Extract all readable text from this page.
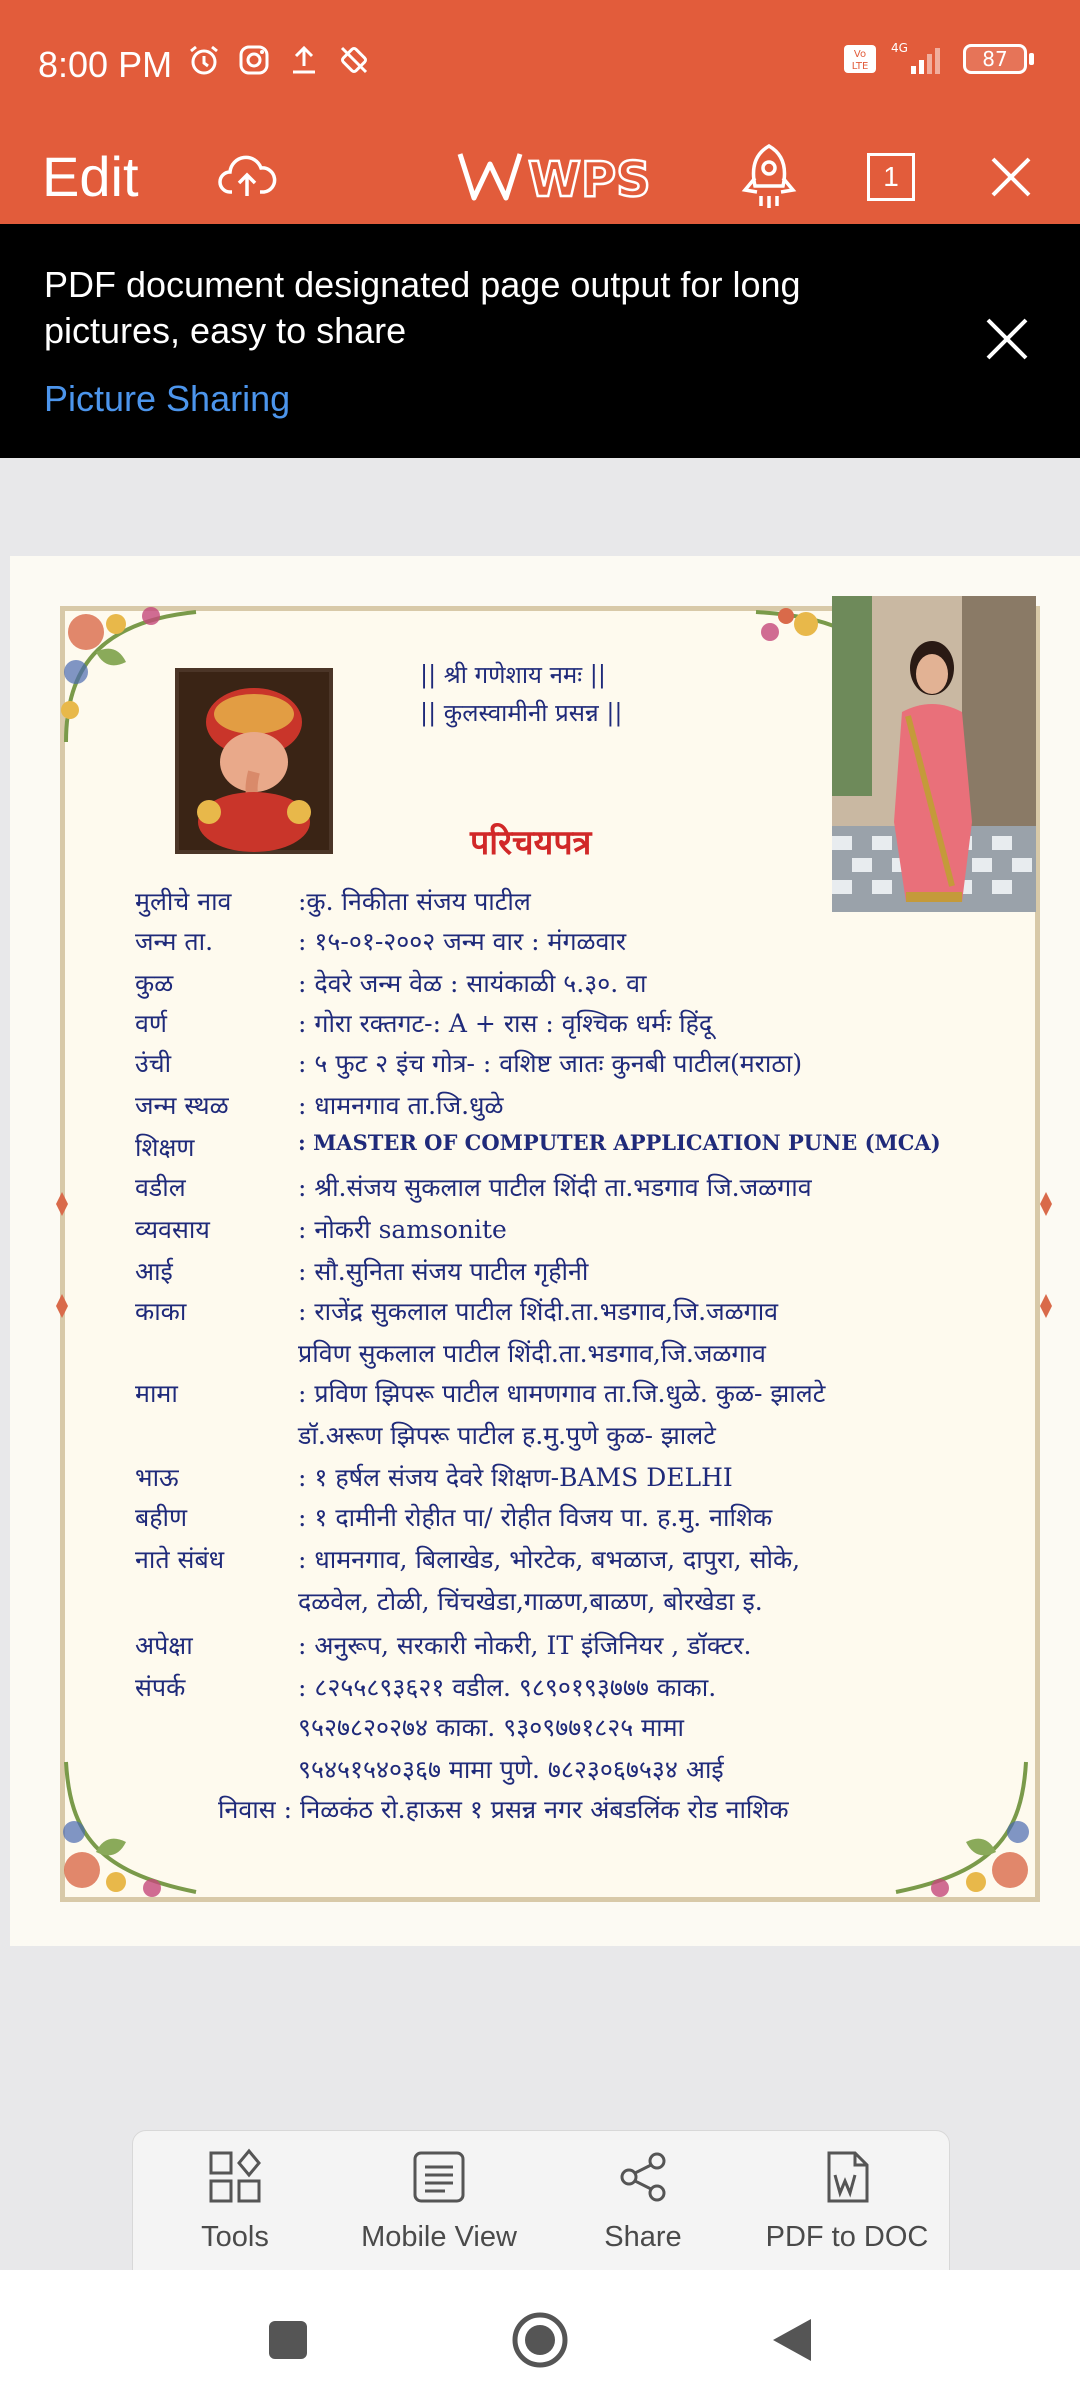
8:00 PM	Vo
LTE
4G	87
Edit	WPS	1
PDF document designated page output for long pictures, easy to share
Picture Sharing
|| श्री गणेशाय नमः ||
|| कुलस्वामीनी प्रसन्न ||
परिचयपत्र
मुलीचे नाव	:कु. निकीता संजय पाटील
जन्म ता.	: १५-०१-२००२ जन्म वार : मंगळवार
कुळ	: देवरे जन्म वेळ : सायंकाळी ५.३०. वा
वर्ण	: गोरा रक्तगट-: A + रास : वृश्चिक धर्मः हिंदू
उंची	: ५ फुट २ इंच गोत्र- : वशिष्ट जातः कुनबी पाटील(मराठा)
जन्म स्थळ	: धामनगाव ता.जि.धुळे
शिक्षण	: MASTER OF COMPUTER APPLICATION PUNE (MCA)
वडील	: श्री.संजय सुकलाल पाटील शिंदी ता.भडगाव जि.जळगाव
व्यवसाय	: नोकरी samsonite
आई	: सौ.सुनिता संजय पाटील गृहीनी
काका	: राजेंद्र सुकलाल पाटील शिंदी.ता.भडगाव,जि.जळगाव
प्रविण सुकलाल पाटील शिंदी.ता.भडगाव,जि.जळगाव
मामा	: प्रविण झिपरू पाटील धामणगाव ता.जि.धुळे. कुळ- झालटे
डॉ.अरूण झिपरू पाटील ह.मु.पुणे कुळ- झालटे
भाऊ	: १ हर्षल संजय देवरे शिक्षण-BAMS DELHI
बहीण	: १ दामीनी रोहीत पा/ रोहीत विजय पा. ह.मु. नाशिक
नाते संबंध	: धामनगाव, बिलाखेड, भोरटेक, बभळाज, दापुरा, सोके,
दळवेल, टोळी, चिंचखेडा,गाळण,बाळण, बोरखेडा इ.
अपेक्षा	: अनुरूप, सरकारी नोकरी, IT इंजिनियर , डॉक्टर.
संपर्क	: ८२५५८९३६२१ वडील. ९८९०१९३७७७ काका.
९५२७८२०२७४ काका. ९३०९७७१८२५ मामा
९५४५१५४०३६७ मामा पुणे. ७८२३०६७५३४ आई
निवास : निळकंठ रो.हाऊस १ प्रसन्न नगर अंबडलिंक रोड नाशिक
Tools	Mobile View	Share	PDF to DOC
